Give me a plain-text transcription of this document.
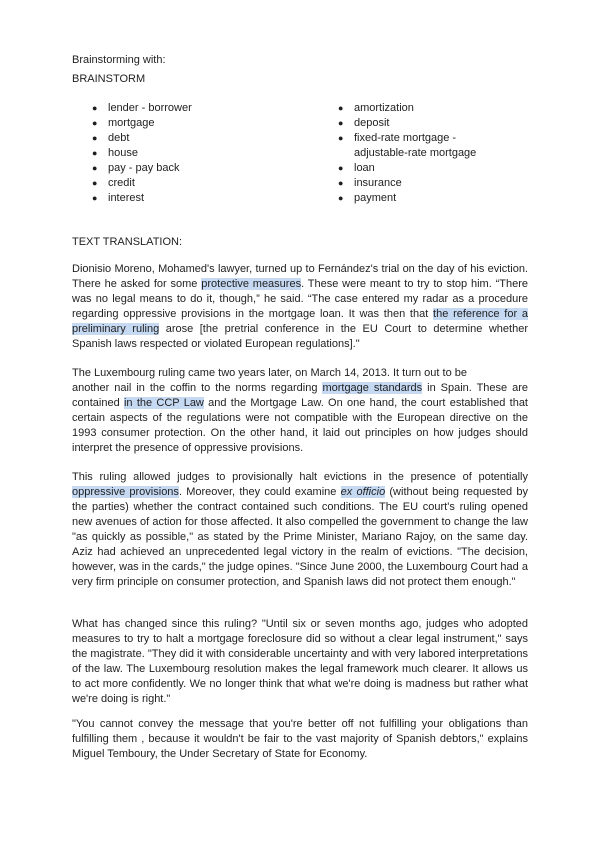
Brainstorming with:
BRAINSTORM
● lender - borrower
● mortgage
● debt
● house
● pay - pay back
● credit
● interest
● amortization
● deposit
● fixed-rate mortgage -
adjustable-rate mortgage
● loan
● insurance
● payment
TEXT TRANSLATION:
Dionisio Moreno, Mohamed's lawyer, turned up to Fernández's trial on the day of his eviction. There he asked for some protective measures. These were meant to try to stop him. “There was no legal means to do it, though,” he said. “The case entered my radar as a procedure regarding oppressive provisions in the mortgage loan. It was then that the reference for a preliminary ruling arose [the pretrial conference in the EU Court to determine whether Spanish laws respected or violated European regulations]."
The Luxembourg ruling came two years later, on March 14, 2013. It turn out to be
another nail in the coffin to the norms regarding mortgage standards in Spain. These are contained in the CCP Law and the Mortgage Law. On one hand, the court established that certain aspects of the regulations were not compatible with the European directive on the 1993 consumer protection. On the other hand, it laid out principles on how judges should interpret the presence of oppressive provisions.
This ruling allowed judges to provisionally halt evictions in the presence of potentially oppressive provisions. Moreover, they could examine ex officio (without being requested by the parties) whether the contract contained such conditions. The EU court's ruling opened new avenues of action for those affected. It also compelled the government to change the law "as quickly as possible," as stated by the Prime Minister, Mariano Rajoy, on the same day. Aziz had achieved an unprecedented legal victory in the realm of evictions. "The decision, however, was in the cards," the judge opines. "Since June 2000, the Luxembourg Court had a very firm principle on consumer protection, and Spanish laws did not protect them enough."
What has changed since this ruling? "Until six or seven months ago, judges who adopted measures to try to halt a mortgage foreclosure did so without a clear legal instrument," says the magistrate. "They did it with considerable uncertainty and with very labored interpretations of the law. The Luxembourg resolution makes the legal framework much clearer. It allows us to act more confidently. We no longer think that what we're doing is madness but rather what we're doing is right."
"You cannot convey the message that you're better off not fulfilling your obligations than fulfilling them , because it wouldn't be fair to the vast majority of Spanish debtors," explains Miguel Temboury, the Under Secretary of State for Economy.
